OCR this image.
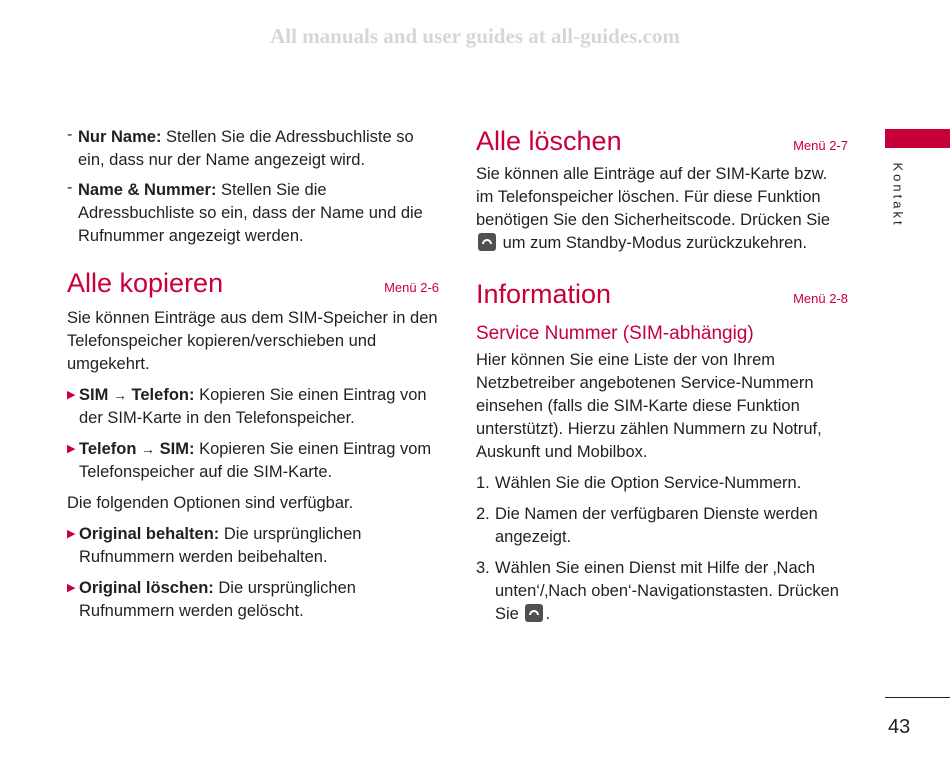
All manuals and user guides at all-guides.com
- Nur Name: Stellen Sie die Adressbuchliste so ein, dass nur der Name angezeigt wird.

- Name & Nummer: Stellen Sie die Adressbuchliste so ein, dass der Name und die Rufnummer angezeigt werden.

Alle kopieren	Menü 2-6

Sie können Einträge aus dem SIM-Speicher in den Telefonspeicher kopieren/verschieben und umgekehrt.

▶ SIM → Telefon: Kopieren Sie einen Eintrag von der SIM-Karte in den Telefonspeicher.

▶ Telefon → SIM: Kopieren Sie einen Eintrag vom Telefonspeicher auf die SIM-Karte.

Die folgenden Optionen sind verfügbar.

▶ Original behalten: Die ursprünglichen Rufnummern werden beibehalten.

▶ Original löschen: Die ursprünglichen Rufnummern werden gelöscht.

Alle löschen	Menü 2-7

Sie können alle Einträge auf der SIM-Karte bzw. im Telefonspeicher löschen. Für diese Funktion benötigen Sie den Sicherheitscode. Drücken Sie  um zum Standby-Modus zurückzukehren.

Information	Menü 2-8

Service Nummer (SIM-abhängig)

Hier können Sie eine Liste der von Ihrem Netzbetreiber angebotenen Service-Nummern einsehen (falls die SIM-Karte diese Funktion unterstützt). Hierzu zählen Nummern zu Notruf, Auskunft und Mobilbox.

1. Wählen Sie die Option Service-Nummern.
2. Die Namen der verfügbaren Dienste werden angezeigt.
3. Wählen Sie einen Dienst mit Hilfe der ‚Nach unten‘/‚Nach oben‘-Navigationstasten. Drücken Sie .
Kontakt
43
